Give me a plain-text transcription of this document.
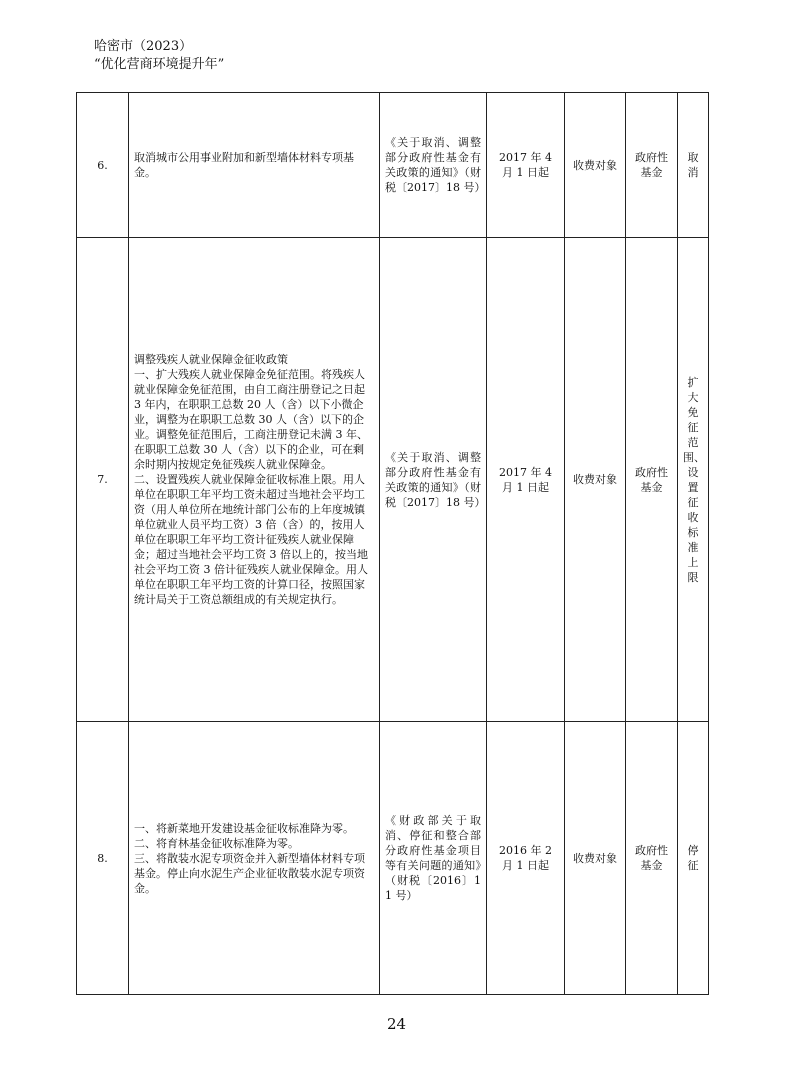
哈密市（2023）
“优化营商环境提升年”
6.	取消城市公用事业附加和新型墙体材料专项基金。	《关于取消、调整部分政府性基金有关政策的通知》（财税〔2017〕18 号）	2017 年 4 月 1 日起	收费对象	政府性基金	取消
7.	调整残疾人就业保障金征收政策
一、扩大残疾人就业保障金免征范围。将残疾人就业保障金免征范围，由自工商注册登记之日起 3 年内，在职职工总数 20 人（含）以下小微企业，调整为在职职工总数 30 人（含）以下的企业。调整免征范围后，工商注册登记未满 3 年、在职职工总数 30 人（含）以下的企业，可在剩余时期内按规定免征残疾人就业保障金。
二、设置残疾人就业保障金征收标准上限。用人单位在职职工年平均工资未超过当地社会平均工资（用人单位所在地统计部门公布的上年度城镇单位就业人员平均工资）3 倍（含）的，按用人单位在职职工年平均工资计征残疾人就业保障金；超过当地社会平均工资 3 倍以上的，按当地社会平均工资 3 倍计征残疾人就业保障金。用人单位在职职工年平均工资的计算口径，按照国家统计局关于工资总额组成的有关规定执行。	《关于取消、调整部分政府性基金有关政策的通知》（财税〔2017〕18 号）	2017 年 4 月 1 日起	收费对象	政府性基金	扩大免征范围、设置征收标准上限
8.	一、将新菜地开发建设基金征收标准降为零。
二、将育林基金征收标准降为零。
三、将散装水泥专项资金并入新型墙体材料专项基金。停止向水泥生产企业征收散装水泥专项资金。	《财政部关于取消、停征和整合部分政府性基金项目等有关问题的通知》（财税〔2016〕11 号）	2016 年 2 月 1 日起	收费对象	政府性基金	停征
24
